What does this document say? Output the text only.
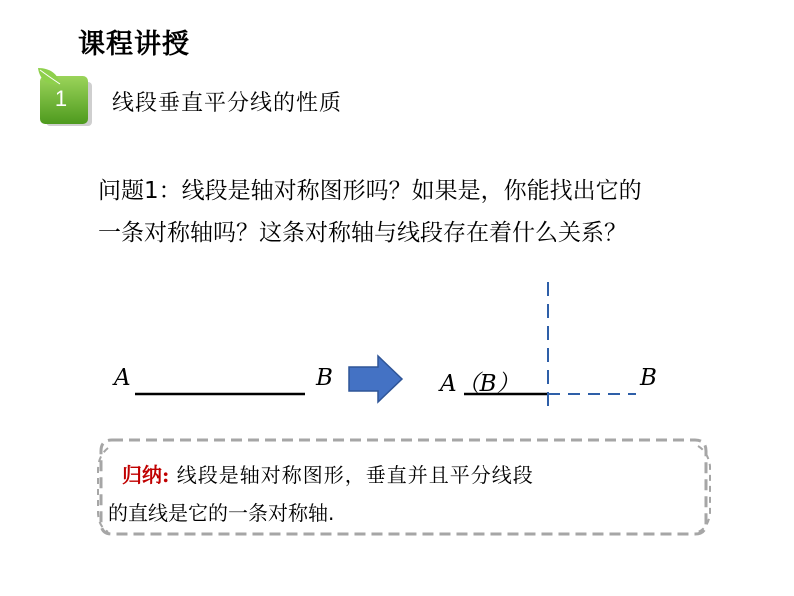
课程讲授
1 线段垂直平分线的性质
问题1：线段是轴对称图形吗？如果是，你能找出它的
一条对称轴吗？这条对称轴与线段存在着什么关系？
A	B	A（B）	B
归纳: 线段是轴对称图形，垂直并且平分线段
的直线是它的一条对称轴.
